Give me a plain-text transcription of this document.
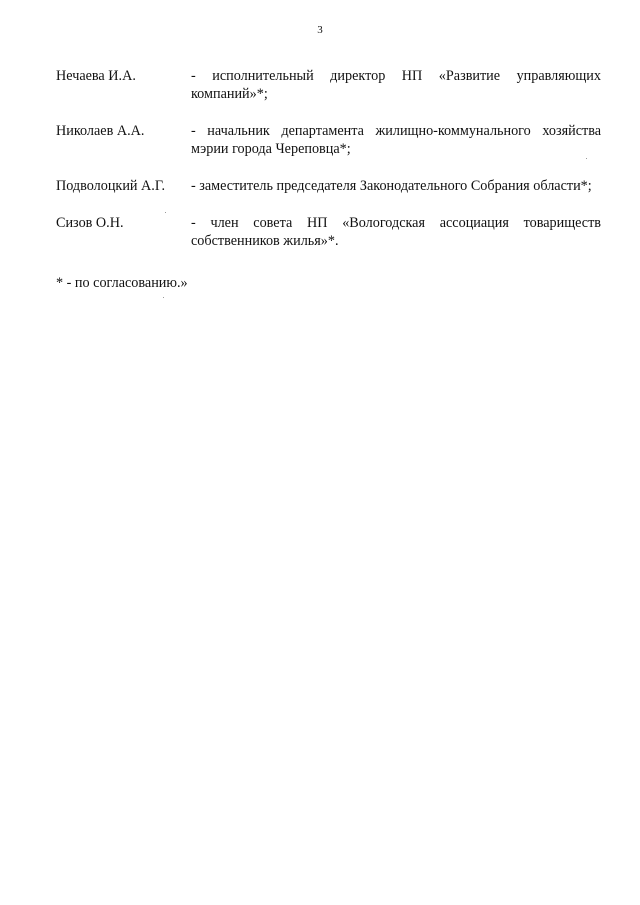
3
Нечаева И.А.	- исполнительный директор НП «Развитие управляющих компаний»*;
Николаев А.А.	- начальник департамента жилищно-коммунального хозяйства мэрии города Череповца*;
Подволоцкий А.Г.	- заместитель председателя Законодательного Собрания области*;
Сизов О.Н.	- член совета НП «Вологодская ассоциация товариществ собственников жилья»*.
* - по согласованию.»
